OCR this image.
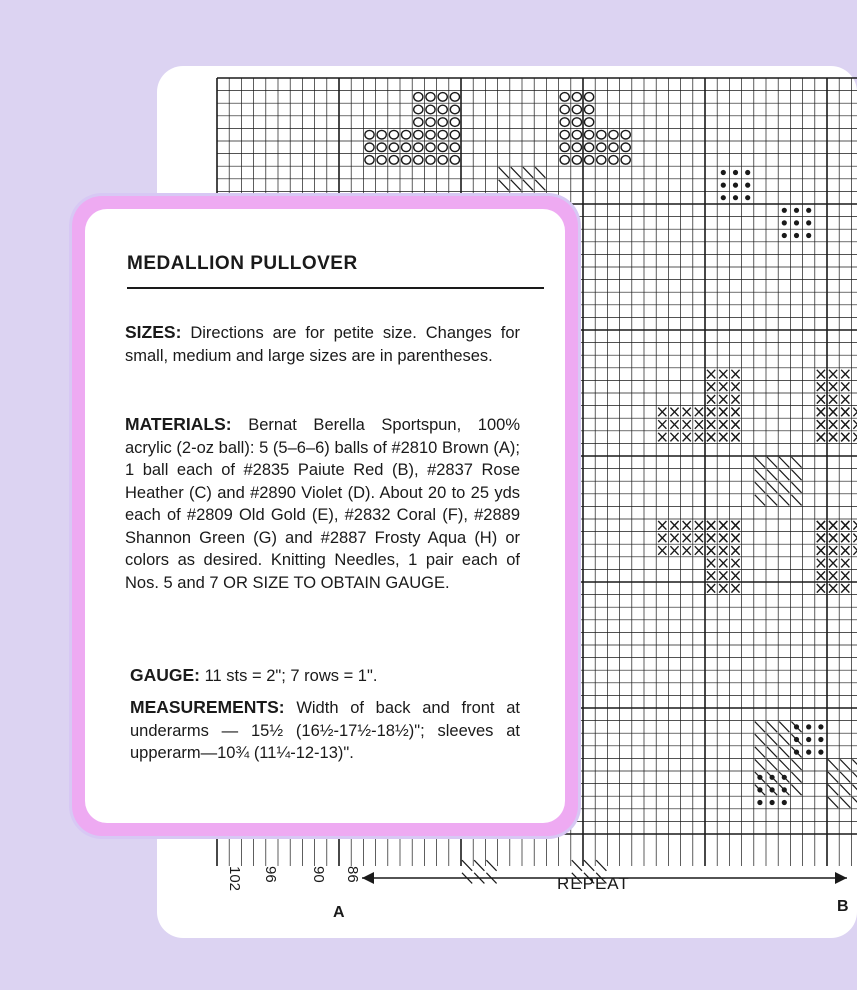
REPEAT
A	B
102 96 90 86
MEDALLION PULLOVER

SIZES: Directions are for petite size. Changes for small, medium and large sizes are in parentheses.

MATERIALS: Bernat Berella Sportspun, 100% acrylic (2-oz ball): 5 (5–6–6) balls of #2810 Brown (A); 1 ball each of #2835 Paiute Red (B), #2837 Rose Heather (C) and #2890 Violet (D). About 20 to 25 yds each of #2809 Old Gold (E), #2832 Coral (F), #2889 Shannon Green (G) and #2887 Frosty Aqua (H) or colors as desired. Knitting Needles, 1 pair each of Nos. 5 and 7 OR SIZE TO OBTAIN GAUGE.

GAUGE: 11 sts = 2"; 7 rows = 1".

MEASUREMENTS: Width of back and front at underarms — 15½ (16½-17½-18½)"; sleeves at upperarm—10¾ (11¼-12-13)".
